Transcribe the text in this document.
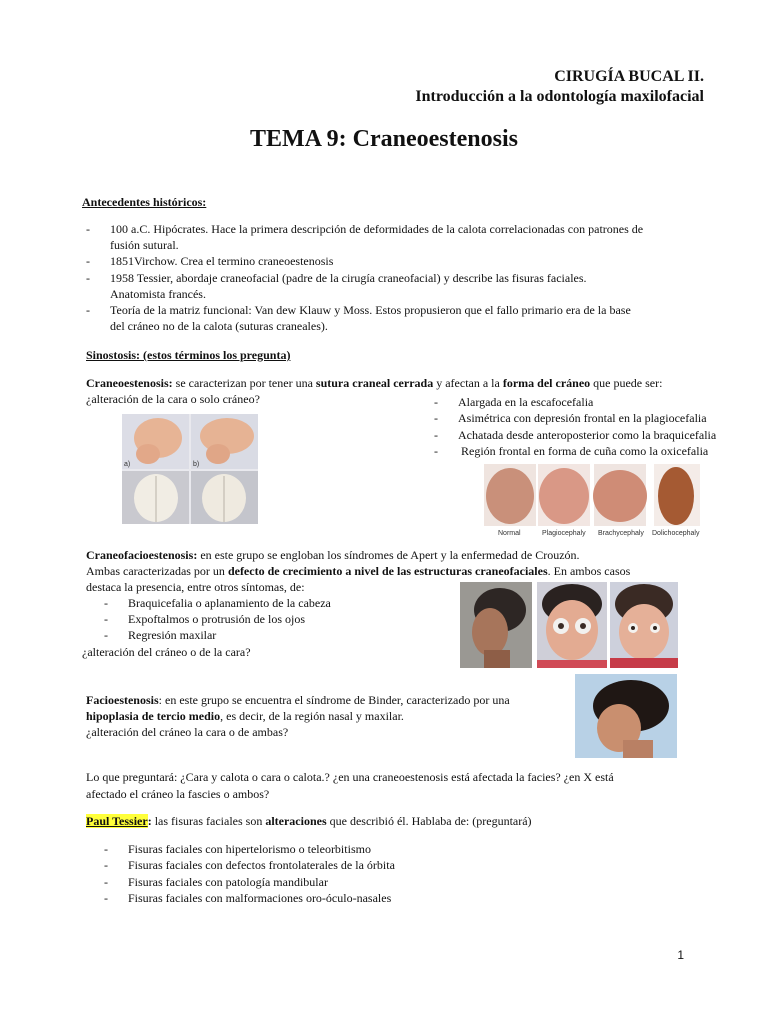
CIRUGÍA BUCAL II.
Introducción a la odontología maxilofacial
TEMA 9: Craneoestenosis
Antecedentes históricos:
- 100 a.C. Hipócrates. Hace la primera descripción de deformidades de la calota correlacionadas con patrones de
fusión sutural.
- 1851Virchow. Crea el termino craneoestenosis
- 1958 Tessier, abordaje craneofacial (padre de la cirugía craneofacial) y describe las fisuras faciales.
Anatomista francés.
- Teoría de la matriz funcional: Van dew Klauw y Moss. Estos propusieron que el fallo primario era de la base
del cráneo no de la calota (suturas craneales).
Sinostosis: (estos términos los pregunta)
Craneoestenosis: se caracterizan por tener una sutura craneal cerrada y afectan a la forma del cráneo que puede ser:
¿alteración de la cara o solo cráneo?	- Alargada en la escafocefalia
- Asimétrica con depresión frontal en la plagiocefalia
- Achatada desde anteroposterior como la braquicefalia
- Región frontal en forma de cuña como la oxicefalia
a)	b)
Normal	Plagiocephaly Brachycephaly Dolichocephaly
Craneofacioestenosis: en este grupo se engloban los síndromes de Apert y la enfermedad de Crouzón.
Ambas caracterizadas por un defecto de crecimiento a nivel de las estructuras craneofaciales. En ambos casos
destaca la presencia, entre otros síntomas, de:
- Braquicefalia o aplanamiento de la cabeza
- Expoftalmos o protrusión de los ojos
- Regresión maxilar
¿alteración del cráneo o de la cara?
Facioestenosis: en este grupo se encuentra el síndrome de Binder, caracterizado por una
hipoplasia de tercio medio, es decir, de la región nasal y maxilar.
¿alteración del cráneo la cara o de ambas?
Lo que preguntará: ¿Cara y calota o cara o calota.? ¿en una craneoestenosis está afectada la facies? ¿en X está
afectado el cráneo la fascies o ambos?
Paul Tessier: las fisuras faciales son alteraciones que describió él. Hablaba de: (preguntará)
- Fisuras faciales con hipertelorismo o teleorbitismo
- Fisuras faciales con defectos frontolaterales de la órbita
- Fisuras faciales con patología mandibular
- Fisuras faciales con malformaciones oro-óculo-nasales
1
